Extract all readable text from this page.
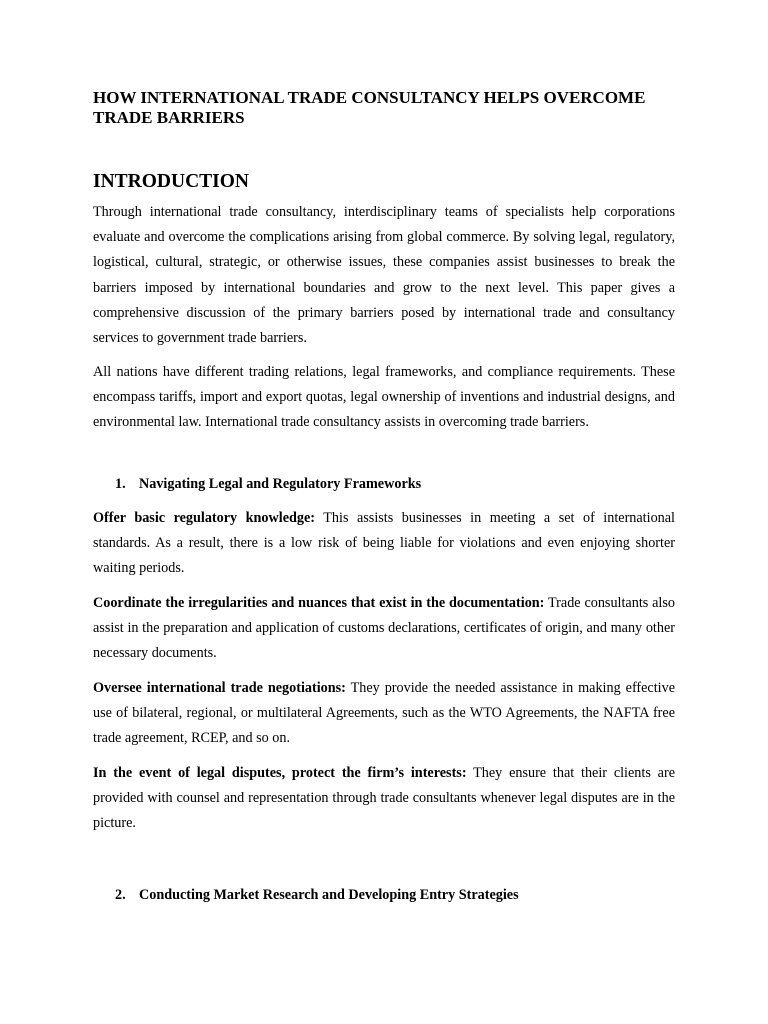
HOW INTERNATIONAL TRADE CONSULTANCY HELPS OVERCOME TRADE BARRIERS
INTRODUCTION

Through international trade consultancy, interdisciplinary teams of specialists help corporations evaluate and overcome the complications arising from global commerce. By solving legal, regulatory, logistical, cultural, strategic, or otherwise issues, these companies assist businesses to break the barriers imposed by international boundaries and grow to the next level. This paper gives a comprehensive discussion of the primary barriers posed by international trade and consultancy services to government trade barriers.

All nations have different trading relations, legal frameworks, and compliance requirements. These encompass tariffs, import and export quotas, legal ownership of inventions and industrial designs, and environmental law. International trade consultancy assists in overcoming trade barriers.

1. Navigating Legal and Regulatory Frameworks

Offer basic regulatory knowledge: This assists businesses in meeting a set of international standards. As a result, there is a low risk of being liable for violations and even enjoying shorter waiting periods.

Coordinate the irregularities and nuances that exist in the documentation: Trade consultants also assist in the preparation and application of customs declarations, certificates of origin, and many other necessary documents.

Oversee international trade negotiations: They provide the needed assistance in making effective use of bilateral, regional, or multilateral Agreements, such as the WTO Agreements, the NAFTA free trade agreement, RCEP, and so on.

In the event of legal disputes, protect the firm’s interests: They ensure that their clients are provided with counsel and representation through trade consultants whenever legal disputes are in the picture.

2. Conducting Market Research and Developing Entry Strategies
